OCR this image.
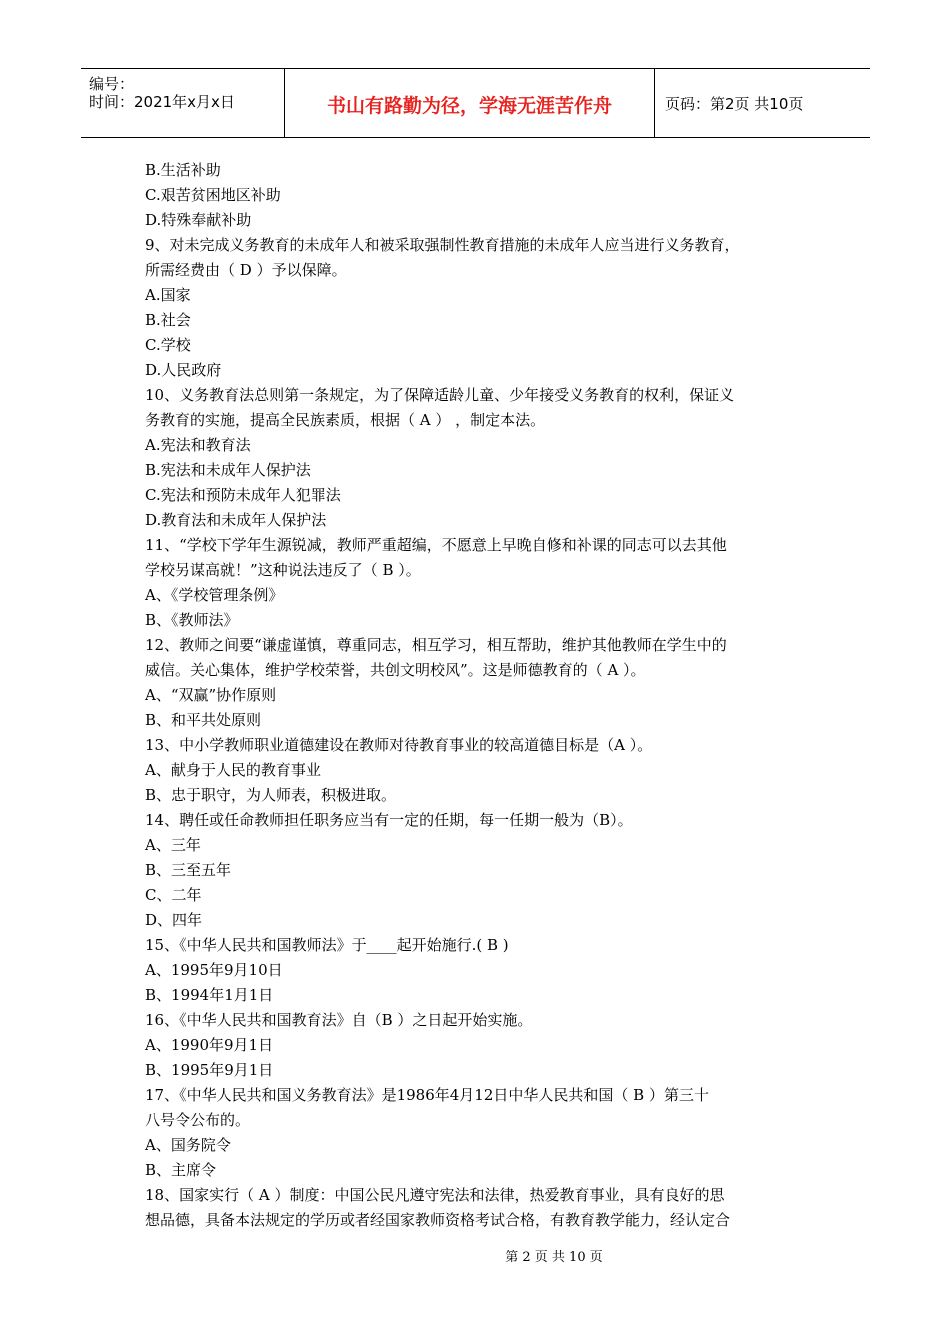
编号：
时间：2021年x月x日	书山有路勤为径，学海无涯苦作舟	页码：第2页 共10页
B.生活补助
C.艰苦贫困地区补助
D.特殊奉献补助
9、对未完成义务教育的未成年人和被采取强制性教育措施的未成年人应当进行义务教育，
所需经费由（ D ）予以保障。
A.国家
B.社会
C.学校
D.人民政府
10、义务教育法总则第一条规定，为了保障适龄儿童、少年接受义务教育的权利，保证义
务教育的实施，提高全民族素质，根据（ A ） ，制定本法。
A.宪法和教育法
B.宪法和未成年人保护法
C.宪法和预防未成年人犯罪法
D.教育法和未成年人保护法
11、“学校下学年生源锐减，教师严重超编，不愿意上早晚自修和补课的同志可以去其他
学校另谋高就！”这种说法违反了（ B ）。
A、《学校管理条例》
B、《教师法》
12、教师之间要“谦虚谨慎，尊重同志，相互学习，相互帮助，维护其他教师在学生中的
威信。关心集体，维护学校荣誉，共创文明校风”。这是师德教育的（ A ）。
A、“双赢”协作原则
B、和平共处原则
13、中小学教师职业道德建设在教师对待教育事业的较高道德目标是（A ）。
A、献身于人民的教育事业
B、忠于职守，为人师表，积极进取。
14、聘任或任命教师担任职务应当有一定的任期，每一任期一般为（B）。
A、三年
B、三至五年
C、二年
D、四年
15、《中华人民共和国教师法》于____起开始施行.( B )
A、1995年9月10日
B、1994年1月1日
16、《中华人民共和国教育法》自（B ）之日起开始实施。
A、1990年9月1日
B、1995年9月1日
17、《中华人民共和国义务教育法》是1986年4月12日中华人民共和国（ B ）第三十
八号令公布的。
A、国务院令
B、主席令
18、国家实行（ A ）制度：中国公民凡遵守宪法和法律，热爱教育事业，具有良好的思
想品德，具备本法规定的学历或者经国家教师资格考试合格，有教育教学能力，经认定合
第 2 页 共 10 页
